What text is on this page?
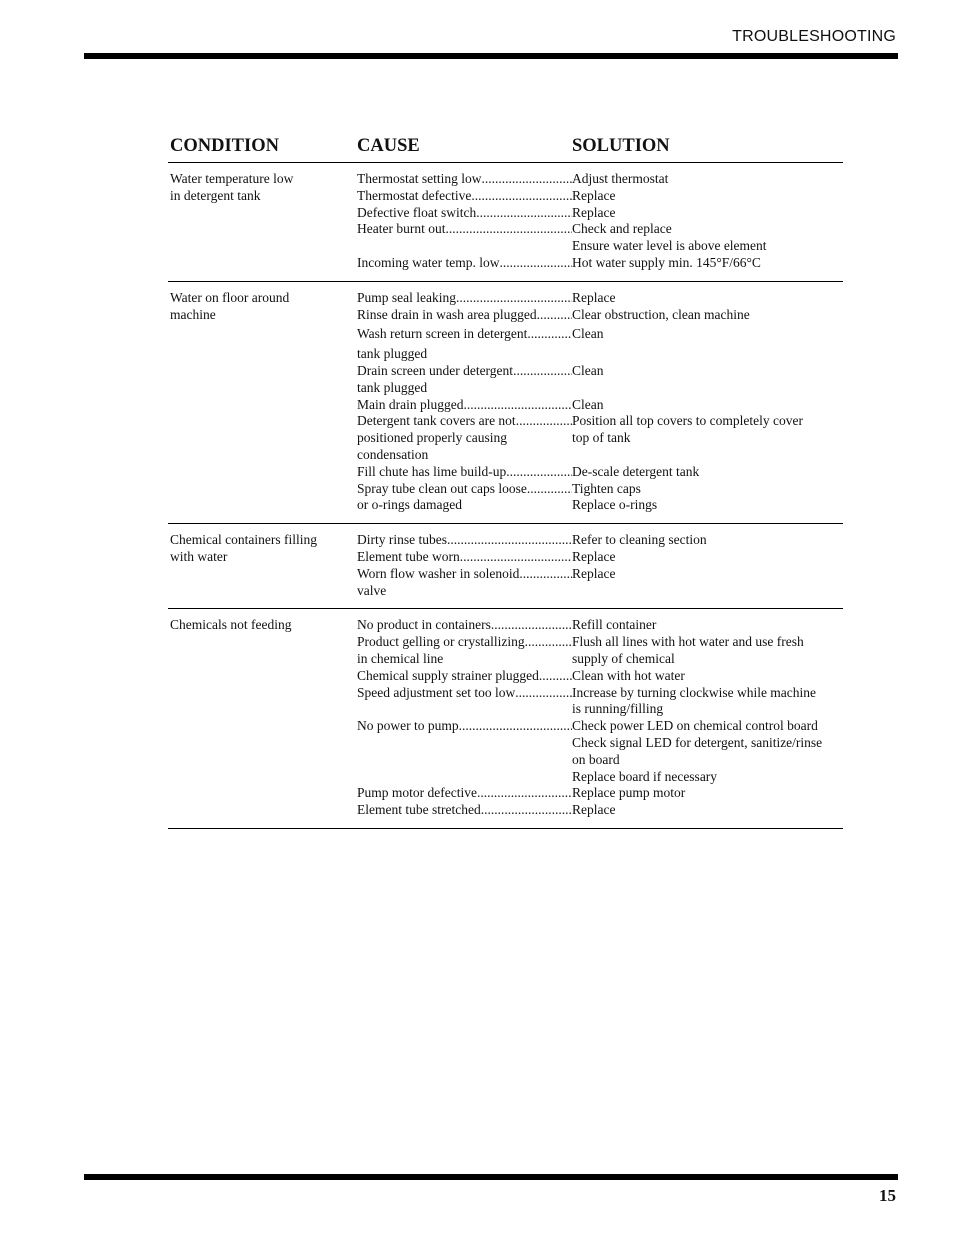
TROUBLESHOOTING
CONDITION	CAUSE	SOLUTION
Water temperature low
in detergent tank
Thermostat setting low .....	Adjust thermostat
Thermostat defective .....	Replace
Defective float switch .....	Replace
Heater burnt out .....	Check and replace
Ensure water level is above element
Incoming water temp. low .....	Hot water supply min. 145°F/66°C
Water on floor around
machine
Pump seal leaking .....	Replace
Rinse drain in wash area plugged .....	Clear obstruction, clean machine
Wash return screen in detergent .....	Clean
tank plugged
Drain screen under detergent .....	Clean
tank plugged
Main drain plugged .....	Clean
Detergent tank covers are not .....	Position all top covers to completely cover
positioned properly causing	top of tank
condensation
Fill chute has lime build-up .....	De-scale detergent tank
Spray tube clean out caps loose .....	Tighten caps
or o-rings damaged	Replace o-rings
Chemical containers filling
with water
Dirty rinse tubes .....	Refer to cleaning section
Element tube worn .....	Replace
Worn flow washer in solenoid .....	Replace
valve
Chemicals not feeding	No product in containers .....	Refill container
Product gelling or crystallizing .....	Flush all lines with hot water and use fresh
in chemical line	supply of chemical
Chemical supply strainer plugged ..... Clean with hot water
Speed adjustment set too low .....	Increase by turning clockwise while machine
is running/filling
No power to pump .....	Check power LED on chemical control board
Check signal LED for detergent, sanitize/rinse
on board
Replace board if necessary
Pump motor defective .....	Replace pump motor
Element tube stretched .....	Replace
15
